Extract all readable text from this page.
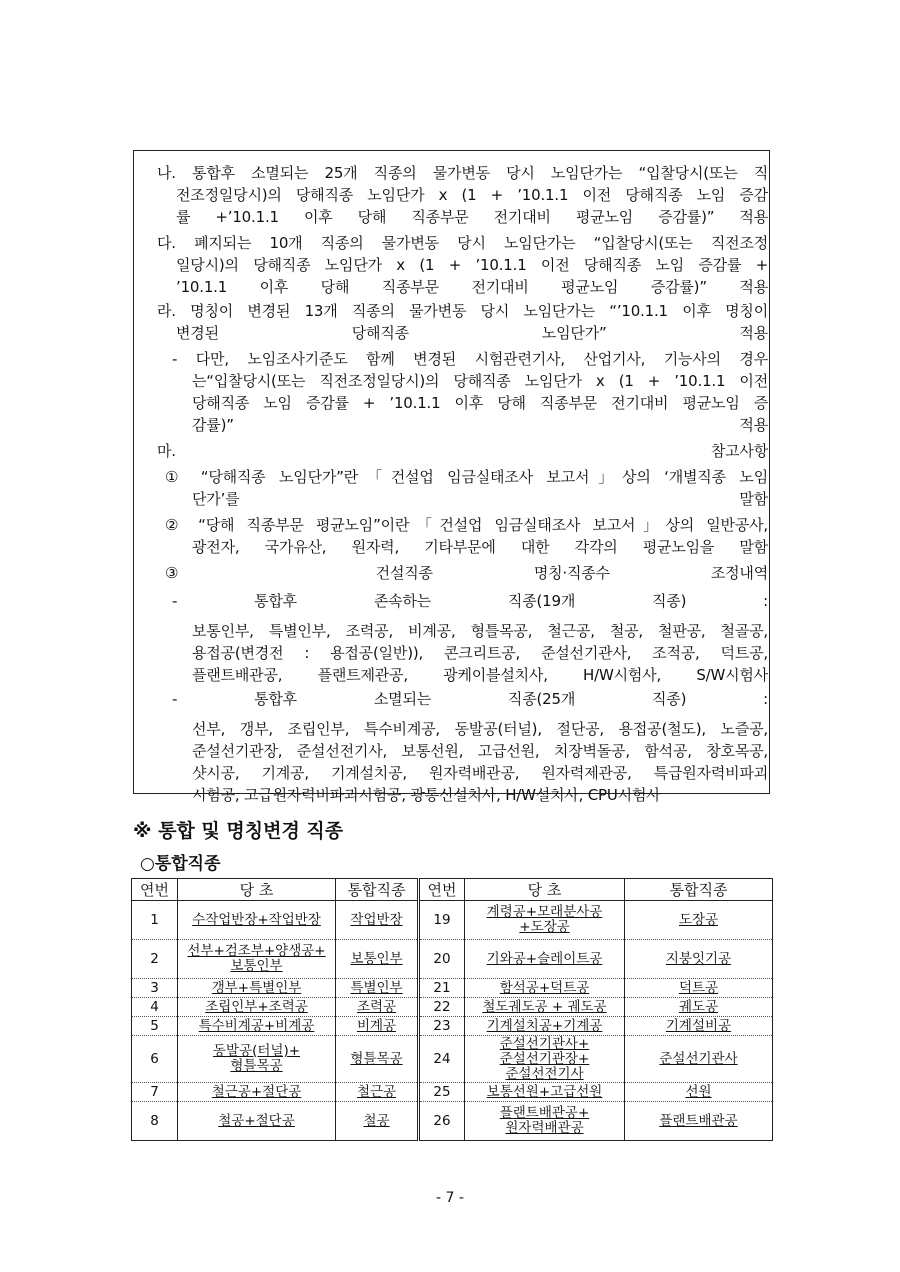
나. 통합후 소멸되는 25개 직종의 물가변동 당시 노임단가는 “입찰당시(또는 직
전조정일당시)의 당해직종 노임단가 x (1 + ’10.1.1 이전 당해직종 노임 증감
률 +’10.1.1 이후 당해 직종부문 전기대비 평균노임 증감률)” 적용
다. 폐지되는 10개 직종의 물가변동 당시 노임단가는 “입찰당시(또는 직전조정
일당시)의 당해직종 노임단가 x (1 + ’10.1.1 이전 당해직종 노임 증감률 +
’10.1.1 이후 당해 직종부문 전기대비 평균노임 증감률)” 적용
라. 명칭이 변경된 13개 직종의 물가변동 당시 노임단가는 “’10.1.1 이후 명칭이
변경된 당해직종 노임단가” 적용
- 다만, 노임조사기준도 함께 변경된 시험관련기사, 산업기사, 기능사의 경우
는“입찰당시(또는 직전조정일당시)의 당해직종 노임단가 x (1 + ’10.1.1 이전
당해직종 노임 증감률 + ’10.1.1 이후 당해 직종부문 전기대비 평균노임 증
감률)” 적용
마. 참고사항
① “당해직종 노임단가”란「건설업 임금실태조사 보고서」상의 ‘개별직종 노임
단가’를 말함
② “당해 직종부문 평균노임”이란「건설업 임금실태조사 보고서」상의 일반공사,
광전자, 국가유산, 원자력, 기타부문에 대한 각각의 평균노임을 말함
③ 건설직종 명칭·직종수 조정내역
- 통합후 존속하는 직종(19개 직종) :
보통인부, 특별인부, 조력공, 비계공, 형틀목공, 철근공, 철공, 철판공, 철골공,
용접공(변경전 : 용접공(일반)), 콘크리트공, 준설선기관사, 조적공, 덕트공,
플랜트배관공, 플랜트제관공, 광케이블설치사, H/W시험사, S/W시험사
- 통합후 소멸되는 직종(25개 직종) :
선부, 갱부, 조립인부, 특수비계공, 동발공(터널), 절단공, 용접공(철도), 노즐공,
준설선기관장, 준설선전기사, 보통선원, 고급선원, 치장벽돌공, 함석공, 창호목공,
샷시공, 기계공, 기계설치공, 원자력배관공, 원자력제관공, 특급원자력비파괴
시험공, 고급원자력비파괴시험공, 광통신설치사, H/W설치사, CPU시험사
※ 통합 및 명칭변경 직종
○통합직종
연번	당 초	통합직종	연번	당 초	통합직종
1	수작업반장+작업반장	작업반장	19	계령공+모래분사공
+도장공	도장공
2	선부+검조부+양생공+
보통인부	보통인부	20	기와공+슬레이트공	지붕잇기공
3	갱부+특별인부	특별인부	21	함석공+덕트공	덕트공
4	조립인부+조력공	조력공	22	철도궤도공 + 궤도공	궤도공
5	특수비계공+비계공	비계공	23	기계설치공+기계공	기계설비공
6	동발공(터널)+
형틀목공	형틀목공	24	준설선기관사+
준설선기관장+
준설선전기사	준설선기관사
7	철근공+절단공	철근공	25	보통선원+고급선원	선원
8	철공+절단공	철공	26	플랜트배관공+
원자력배관공	플랜트배관공
- 7 -
